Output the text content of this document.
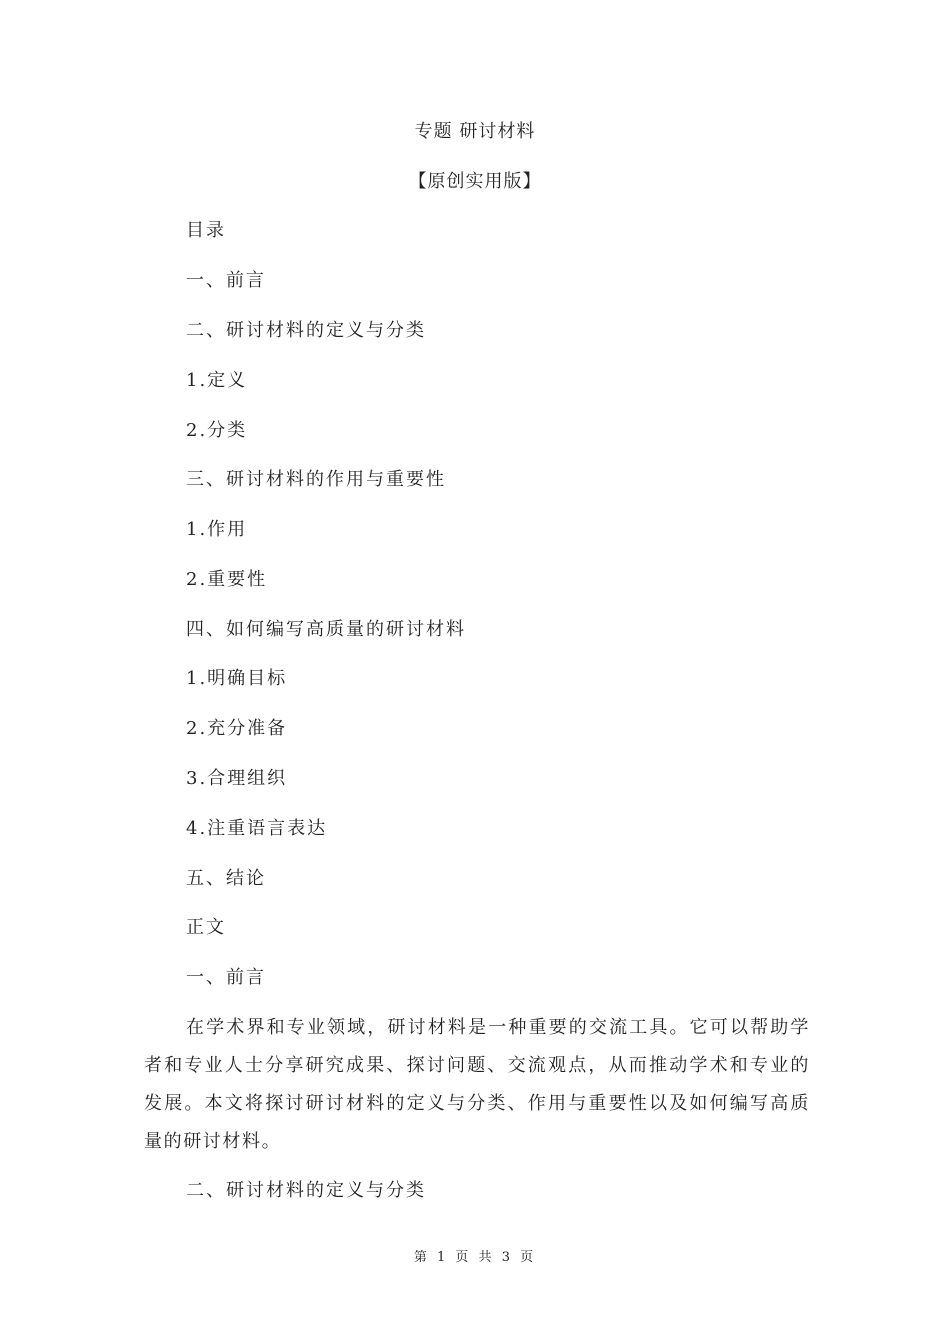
专题 研讨材料
【原创实用版】
目录
一、前言
二、研讨材料的定义与分类
1.定义
2.分类
三、研讨材料的作用与重要性
1.作用
2.重要性
四、如何编写高质量的研讨材料
1.明确目标
2.充分准备
3.合理组织
4.注重语言表达
五、结论
正文
一、前言
在学术界和专业领域，研讨材料是一种重要的交流工具。它可以帮助学者和专业人士分享研究成果、探讨问题、交流观点，从而推动学术和专业的发展。本文将探讨研讨材料的定义与分类、作用与重要性以及如何编写高质量的研讨材料。
二、研讨材料的定义与分类
第 1 页 共 3 页
